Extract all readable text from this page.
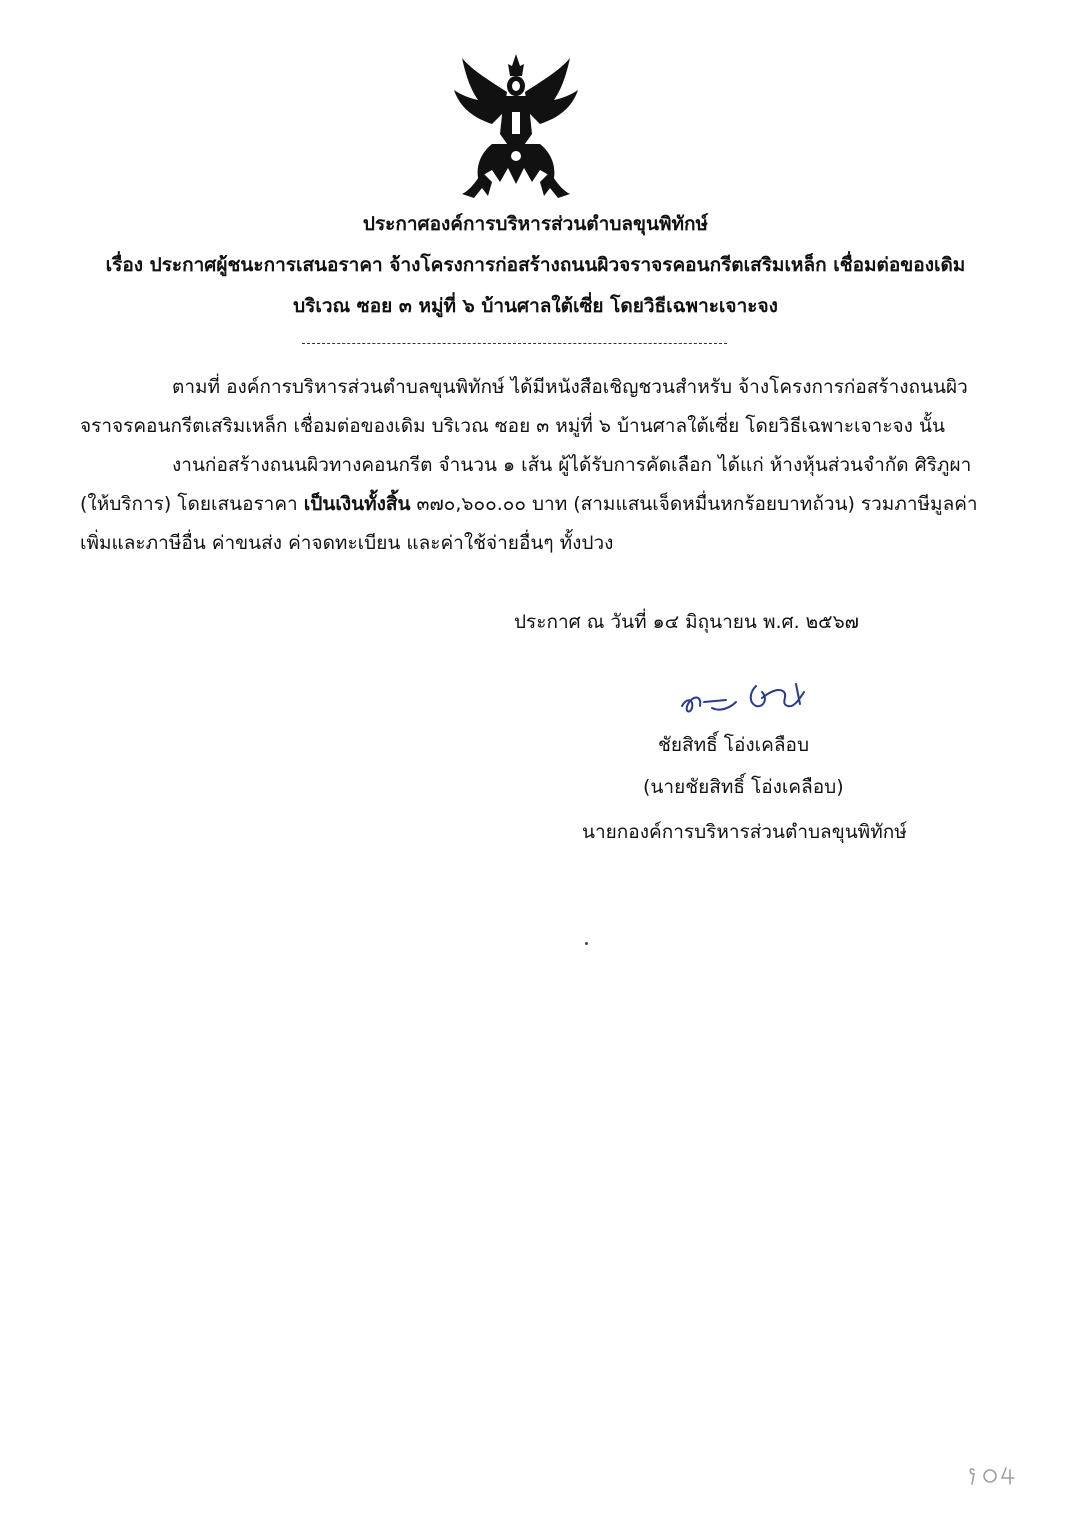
ประกาศองค์การบริหารส่วนตำบลขุนพิทักษ์
เรื่อง ประกาศผู้ชนะการเสนอราคา จ้างโครงการก่อสร้างถนนผิวจราจรคอนกรีตเสริมเหล็ก เชื่อมต่อของเดิม
บริเวณ ซอย ๓ หมู่ที่ ๖ บ้านศาลใต้เซี่ย โดยวิธีเฉพาะเจาะจง
ตามที่ องค์การบริหารส่วนตำบลขุนพิทักษ์ ได้มีหนังสือเชิญชวนสำหรับ จ้างโครงการก่อสร้างถนนผิว
จราจรคอนกรีตเสริมเหล็ก เชื่อมต่อของเดิม บริเวณ ซอย ๓ หมู่ที่ ๖ บ้านศาลใต้เซี่ย โดยวิธีเฉพาะเจาะจง นั้น
งานก่อสร้างถนนผิวทางคอนกรีต จำนวน ๑ เส้น ผู้ได้รับการคัดเลือก ได้แก่ ห้างหุ้นส่วนจำกัด ศิริภูผา
(ให้บริการ) โดยเสนอราคา เป็นเงินทั้งสิ้น ๓๗๐,๖๐๐.๐๐ บาท (สามแสนเจ็ดหมื่นหกร้อยบาทถ้วน) รวมภาษีมูลค่า
เพิ่มและภาษีอื่น ค่าขนส่ง ค่าจดทะเบียน และค่าใช้จ่ายอื่นๆ ทั้งปวง
ประกาศ ณ วันที่ ๑๔ มิถุนายน พ.ศ. ๒๕๖๗
ชัยสิทธิ์ โอ่งเคลือบ
(นายชัยสิทธิ์ โอ่งเคลือบ)
นายกองค์การบริหารส่วนตำบลขุนพิทักษ์
